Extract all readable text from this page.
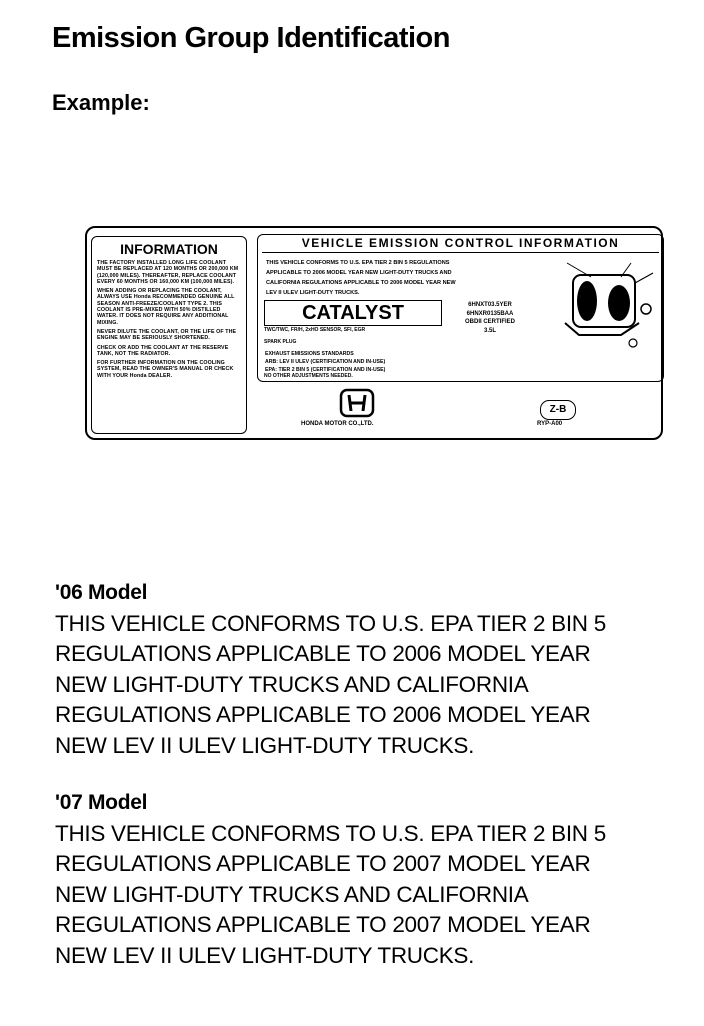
Emission Group Identification
Example:
INFORMATION
THE FACTORY INSTALLED LONG LIFE COOLANT MUST BE REPLACED AT 120 MONTHS OR 200,000 KM (120,000 MILES). THEREAFTER, REPLACE COOLANT EVERY 60 MONTHS OR 160,000 KM (100,000 MILES).
WHEN ADDING OR REPLACING THE COOLANT, ALWAYS USE Honda RECOMMENDED GENUINE ALL SEASON ANTI-FREEZE/COOLANT TYPE 2. THIS COOLANT IS PRE-MIXED WITH 50% DISTILLED WATER. IT DOES NOT REQUIRE ANY ADDITIONAL MIXING.
NEVER DILUTE THE COOLANT, OR THE LIFE OF THE ENGINE MAY BE SERIOUSLY SHORTENED.
CHECK OR ADD THE COOLANT AT THE RESERVE TANK, NOT THE RADIATOR.
FOR FURTHER INFORMATION ON THE COOLING SYSTEM, READ THE OWNER'S MANUAL OR CHECK WITH YOUR Honda DEALER.
VEHICLE EMISSION CONTROL INFORMATION
THIS VEHICLE CONFORMS TO U.S. EPA TIER 2 BIN 5 REGULATIONS
APPLICABLE TO 2006 MODEL YEAR NEW LIGHT-DUTY TRUCKS AND
CALIFORNIA REGULATIONS APPLICABLE TO 2006 MODEL YEAR NEW
LEV II ULEV LIGHT-DUTY TRUCKS.
CATALYST	6HNXT03.5YER
6HNXR0135BAA
OBDII CERTIFIED
3.5L
TWC/TWC, FR/H, 2xHO SENSOR, SFI, EGR
SPARK PLUG
NO OTHER ADJUSTMENTS NEEDED.
EXHAUST EMISSIONS STANDARDS
ARB: LEV II ULEV (CERTIFICATION AND IN-USE)
EPA: TIER 2 BIN 5 (CERTIFICATION AND IN-USE)
HONDA MOTOR CO.,LTD.
Z-B
RYP-A00
'06 Model
THIS VEHICLE CONFORMS TO U.S. EPA TIER 2 BIN 5
REGULATIONS APPLICABLE TO 2006 MODEL YEAR
NEW LIGHT-DUTY TRUCKS AND CALIFORNIA
REGULATIONS APPLICABLE TO 2006 MODEL YEAR
NEW LEV II ULEV LIGHT-DUTY TRUCKS.
'07 Model
THIS VEHICLE CONFORMS TO U.S. EPA TIER 2 BIN 5
REGULATIONS APPLICABLE TO 2007 MODEL YEAR
NEW LIGHT-DUTY TRUCKS AND CALIFORNIA
REGULATIONS APPLICABLE TO 2007 MODEL YEAR
NEW LEV II ULEV LIGHT-DUTY TRUCKS.
